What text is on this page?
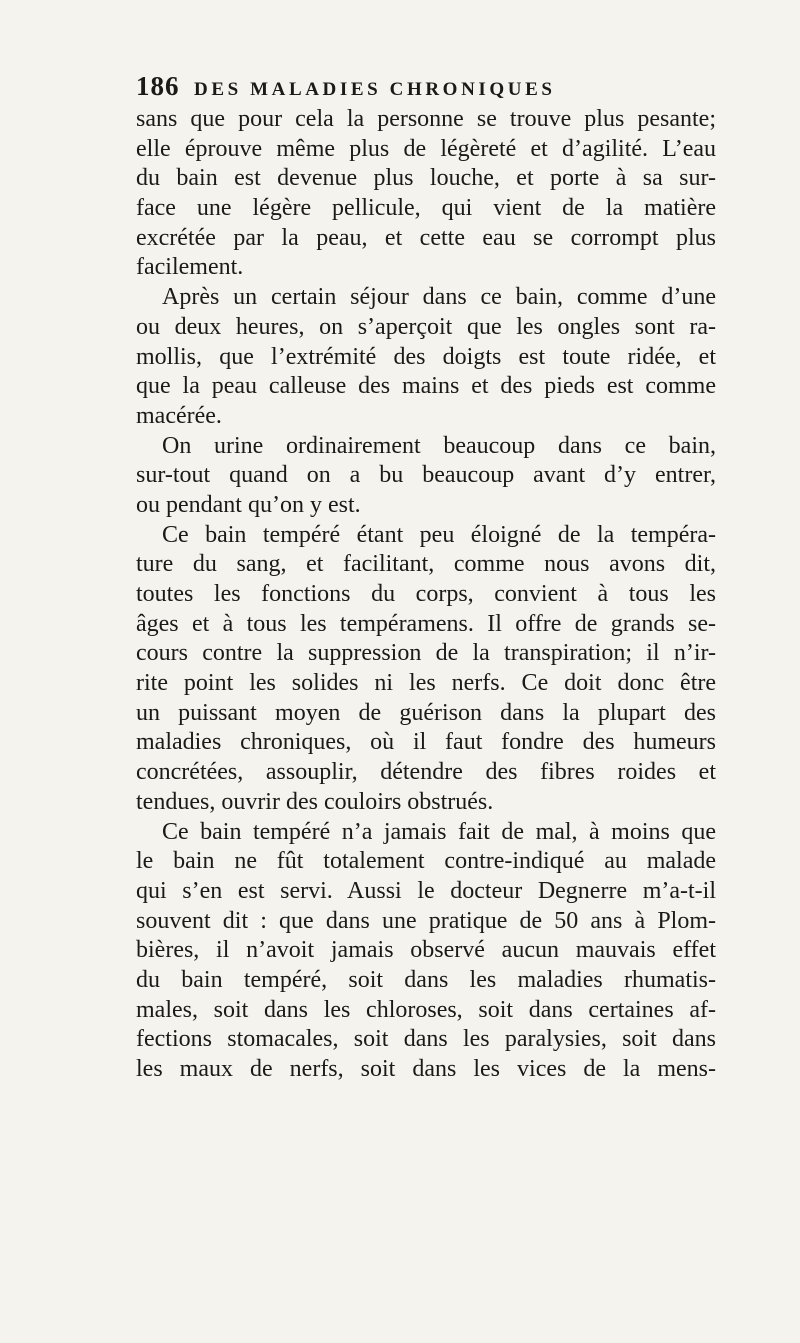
186 DES MALADIES CHRONIQUES
sans que pour cela la personne se trouve plus pesante;
elle éprouve même plus de légèreté et d’agilité. L’eau
du bain est devenue plus louche, et porte à sa sur-
face une légère pellicule, qui vient de la matière
excrétée par la peau, et cette eau se corrompt plus
facilement.
Après un certain séjour dans ce bain, comme d’une
ou deux heures, on s’aperçoit que les ongles sont ra-
mollis, que l’extrémité des doigts est toute ridée, et
que la peau calleuse des mains et des pieds est comme
macérée.
On urine ordinairement beaucoup dans ce bain,
sur-tout quand on a bu beaucoup avant d’y entrer,
ou pendant qu’on y est.
Ce bain tempéré étant peu éloigné de la tempéra-
ture du sang, et facilitant, comme nous avons dit,
toutes les fonctions du corps, convient à tous les
âges et à tous les tempéramens. Il offre de grands se-
cours contre la suppression de la transpiration; il n’ir-
rite point les solides ni les nerfs. Ce doit donc être
un puissant moyen de guérison dans la plupart des
maladies chroniques, où il faut fondre des humeurs
concrétées, assouplir, détendre des fibres roides et
tendues, ouvrir des couloirs obstrués.
Ce bain tempéré n’a jamais fait de mal, à moins que
le bain ne fût totalement contre-indiqué au malade
qui s’en est servi. Aussi le docteur Degnerre m’a-t-il
souvent dit : que dans une pratique de 50 ans à Plom-
bières, il n’avoit jamais observé aucun mauvais effet
du bain tempéré, soit dans les maladies rhumatis-
males, soit dans les chloroses, soit dans certaines af-
fections stomacales, soit dans les paralysies, soit dans
les maux de nerfs, soit dans les vices de la mens-
